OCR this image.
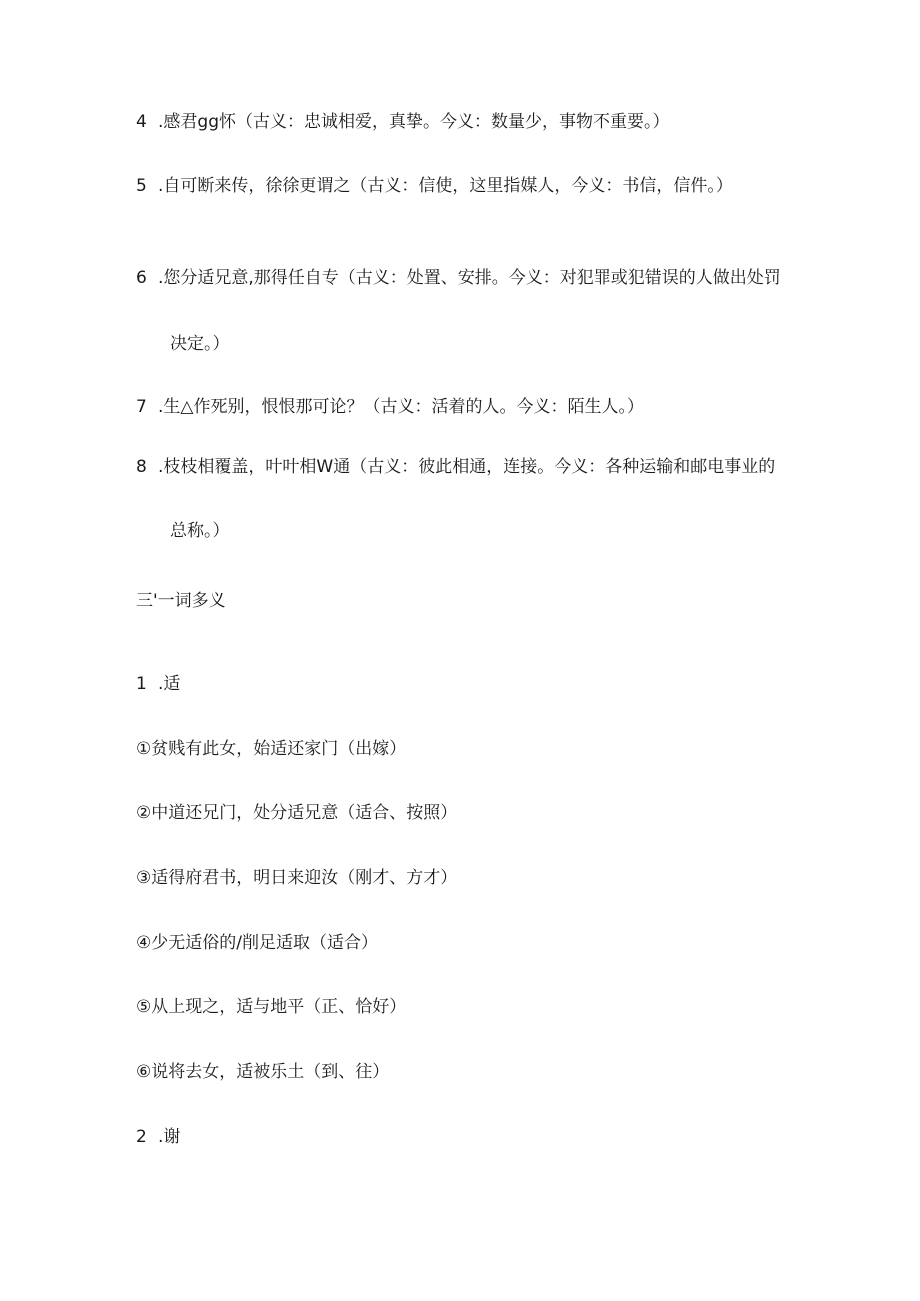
4 .感君gg怀（古义：忠诚相爱，真挚。今义：数量少，事物不重要。）
5 .自可断来传，徐徐更谓之（古义：信使，这里指媒人，今义：书信，信件。）
6 .您分适兄意,那得任自专（古义：处置、安排。今义：对犯罪或犯错误的人做出处罚
决定。）
7 .生△作死别，恨恨那可论？（古义：活着的人。今义：陌生人。）
8 .枝枝相覆盖，叶叶相W通（古义：彼此相通，连接。今义：各种运输和邮电事业的
总称。）
三'一词多义
1 .适
①贫贱有此女，始适还家门（出嫁）
②中道还兄门，处分适兄意（适合、按照）
③适得府君书，明日来迎汝（刚才、方才）
④少无适俗的/削足适取（适合）
⑤从上现之，适与地平（正、恰好）
⑥说将去女，适被乐土（到、往）
2 .谢
